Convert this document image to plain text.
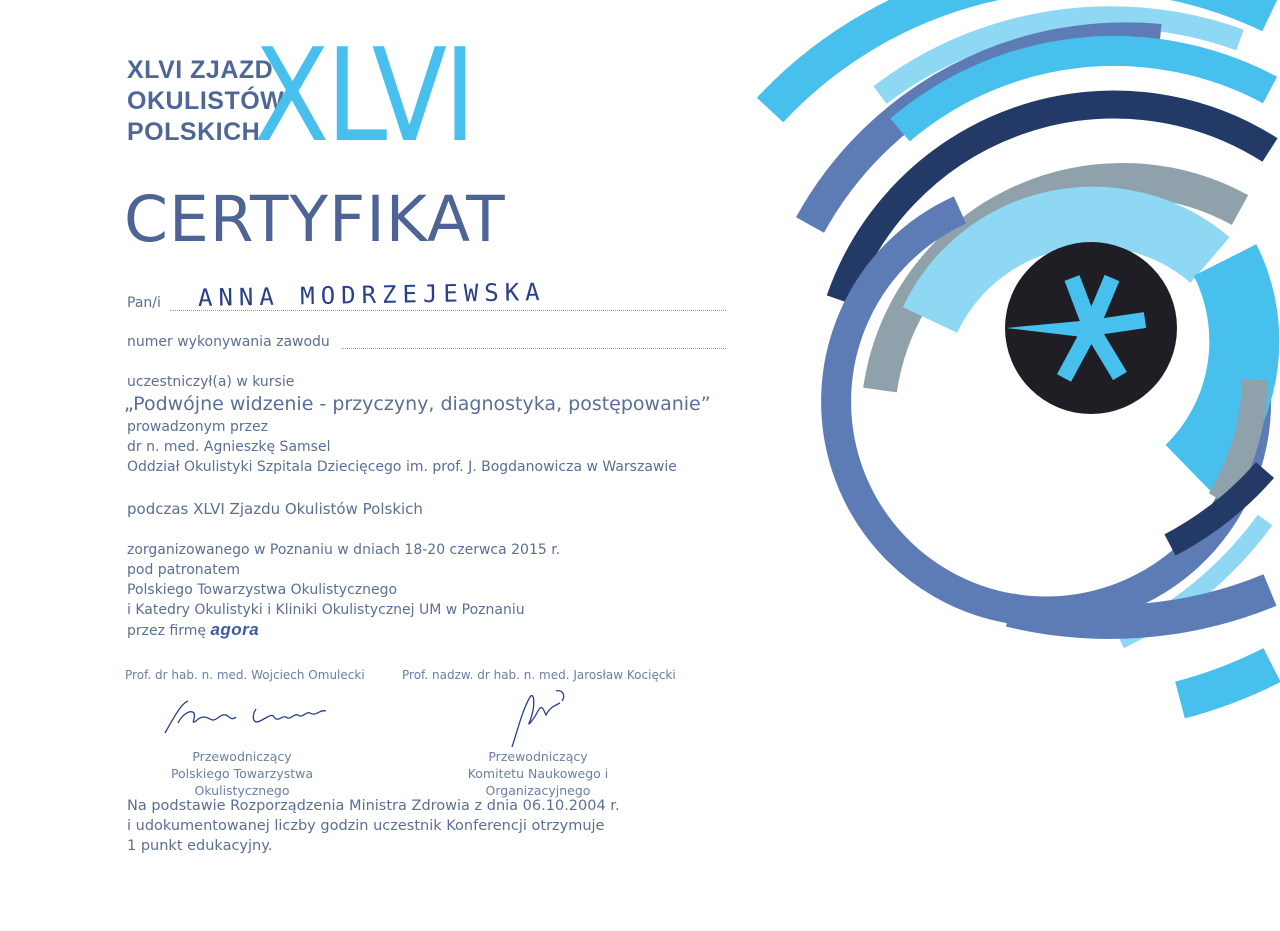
XLVI ZJAZD
OKULISTÓW
POLSKICH
XLVI
CERTYFIKAT
Pan/i ANNA MODRZEJEWSKA
numer wykonywania zawodu
uczestniczył(a) w kursie
„Podwójne widzenie - przyczyny, diagnostyka, postępowanie”
prowadzonym przez
dr n. med. Agnieszkę Samsel
Oddział Okulistyki Szpitala Dziecięcego im. prof. J. Bogdanowicza w Warszawie
podczas XLVI Zjazdu Okulistów Polskich
zorganizowanego w Poznaniu w dniach 18-20 czerwca 2015 r.
pod patronatem
Polskiego Towarzystwa Okulistycznego
i Katedry Okulistyki i Kliniki Okulistycznej UM w Poznaniu
przez firmę agora
Prof. dr hab. n. med. Wojciech Omulecki	Prof. nadzw. dr hab. n. med. Jarosław Kocięcki
Przewodniczący
Polskiego Towarzystwa Okulistycznego
Przewodniczący
Komitetu Naukowego i Organizacyjnego
Na podstawie Rozporządzenia Ministra Zdrowia z dnia 06.10.2004 r.
i udokumentowanej liczby godzin uczestnik Konferencji otrzymuje
1 punkt edukacyjny.
